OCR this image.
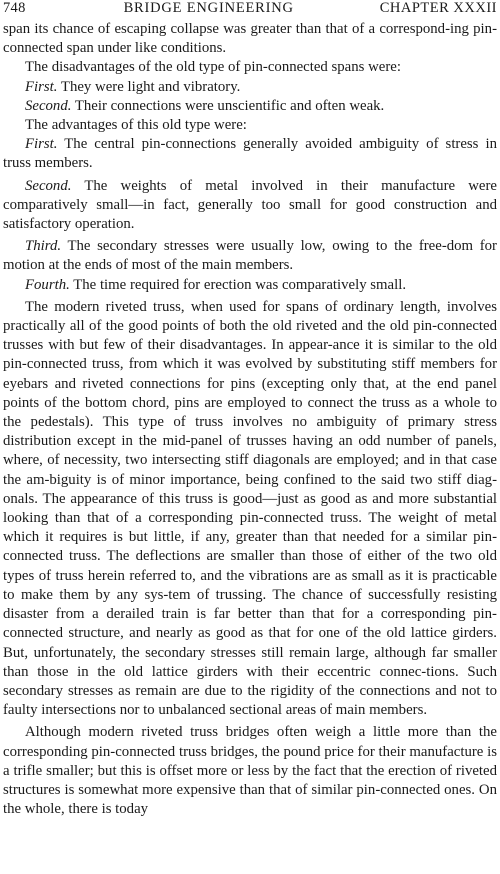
748	BRIDGE ENGINEERING	CHAPTER XXXII

span its chance of escaping collapse was greater than that of a correspond-ing pin-connected span under like conditions.

The disadvantages of the old type of pin-connected spans were:

First. They were light and vibratory.

Second. Their connections were unscientific and often weak.

The advantages of this old type were:

First. The central pin-connections generally avoided ambiguity of stress in truss members.

Second. The weights of metal involved in their manufacture were comparatively small—in fact, generally too small for good construction and satisfactory operation.

Third. The secondary stresses were usually low, owing to the free-dom for motion at the ends of most of the main members.

Fourth. The time required for erection was comparatively small.

The modern riveted truss, when used for spans of ordinary length, involves practically all of the good points of both the old riveted and the old pin-connected trusses with but few of their disadvantages. In appear-ance it is similar to the old pin-connected truss, from which it was evolved by substituting stiff members for eyebars and riveted connections for pins (excepting only that, at the end panel points of the bottom chord, pins are employed to connect the truss as a whole to the pedestals). This type of truss involves no ambiguity of primary stress distribution except in the mid-panel of trusses having an odd number of panels, where, of necessity, two intersecting stiff diagonals are employed; and in that case the am-biguity is of minor importance, being confined to the said two stiff diag-onals. The appearance of this truss is good—just as good as and more substantial looking than that of a corresponding pin-connected truss. The weight of metal which it requires is but little, if any, greater than that needed for a similar pin-connected truss. The deflections are smaller than those of either of the two old types of truss herein referred to, and the vibrations are as small as it is practicable to make them by any sys-tem of trussing. The chance of successfully resisting disaster from a derailed train is far better than that for a corresponding pin-connected structure, and nearly as good as that for one of the old lattice girders. But, unfortunately, the secondary stresses still remain large, although far smaller than those in the old lattice girders with their eccentric connec-tions. Such secondary stresses as remain are due to the rigidity of the connections and not to faulty intersections nor to unbalanced sectional areas of main members.

Although modern riveted truss bridges often weigh a little more than the corresponding pin-connected truss bridges, the pound price for their manufacture is a trifle smaller; but this is offset more or less by the fact that the erection of riveted structures is somewhat more expensive than that of similar pin-connected ones. On the whole, there is today
